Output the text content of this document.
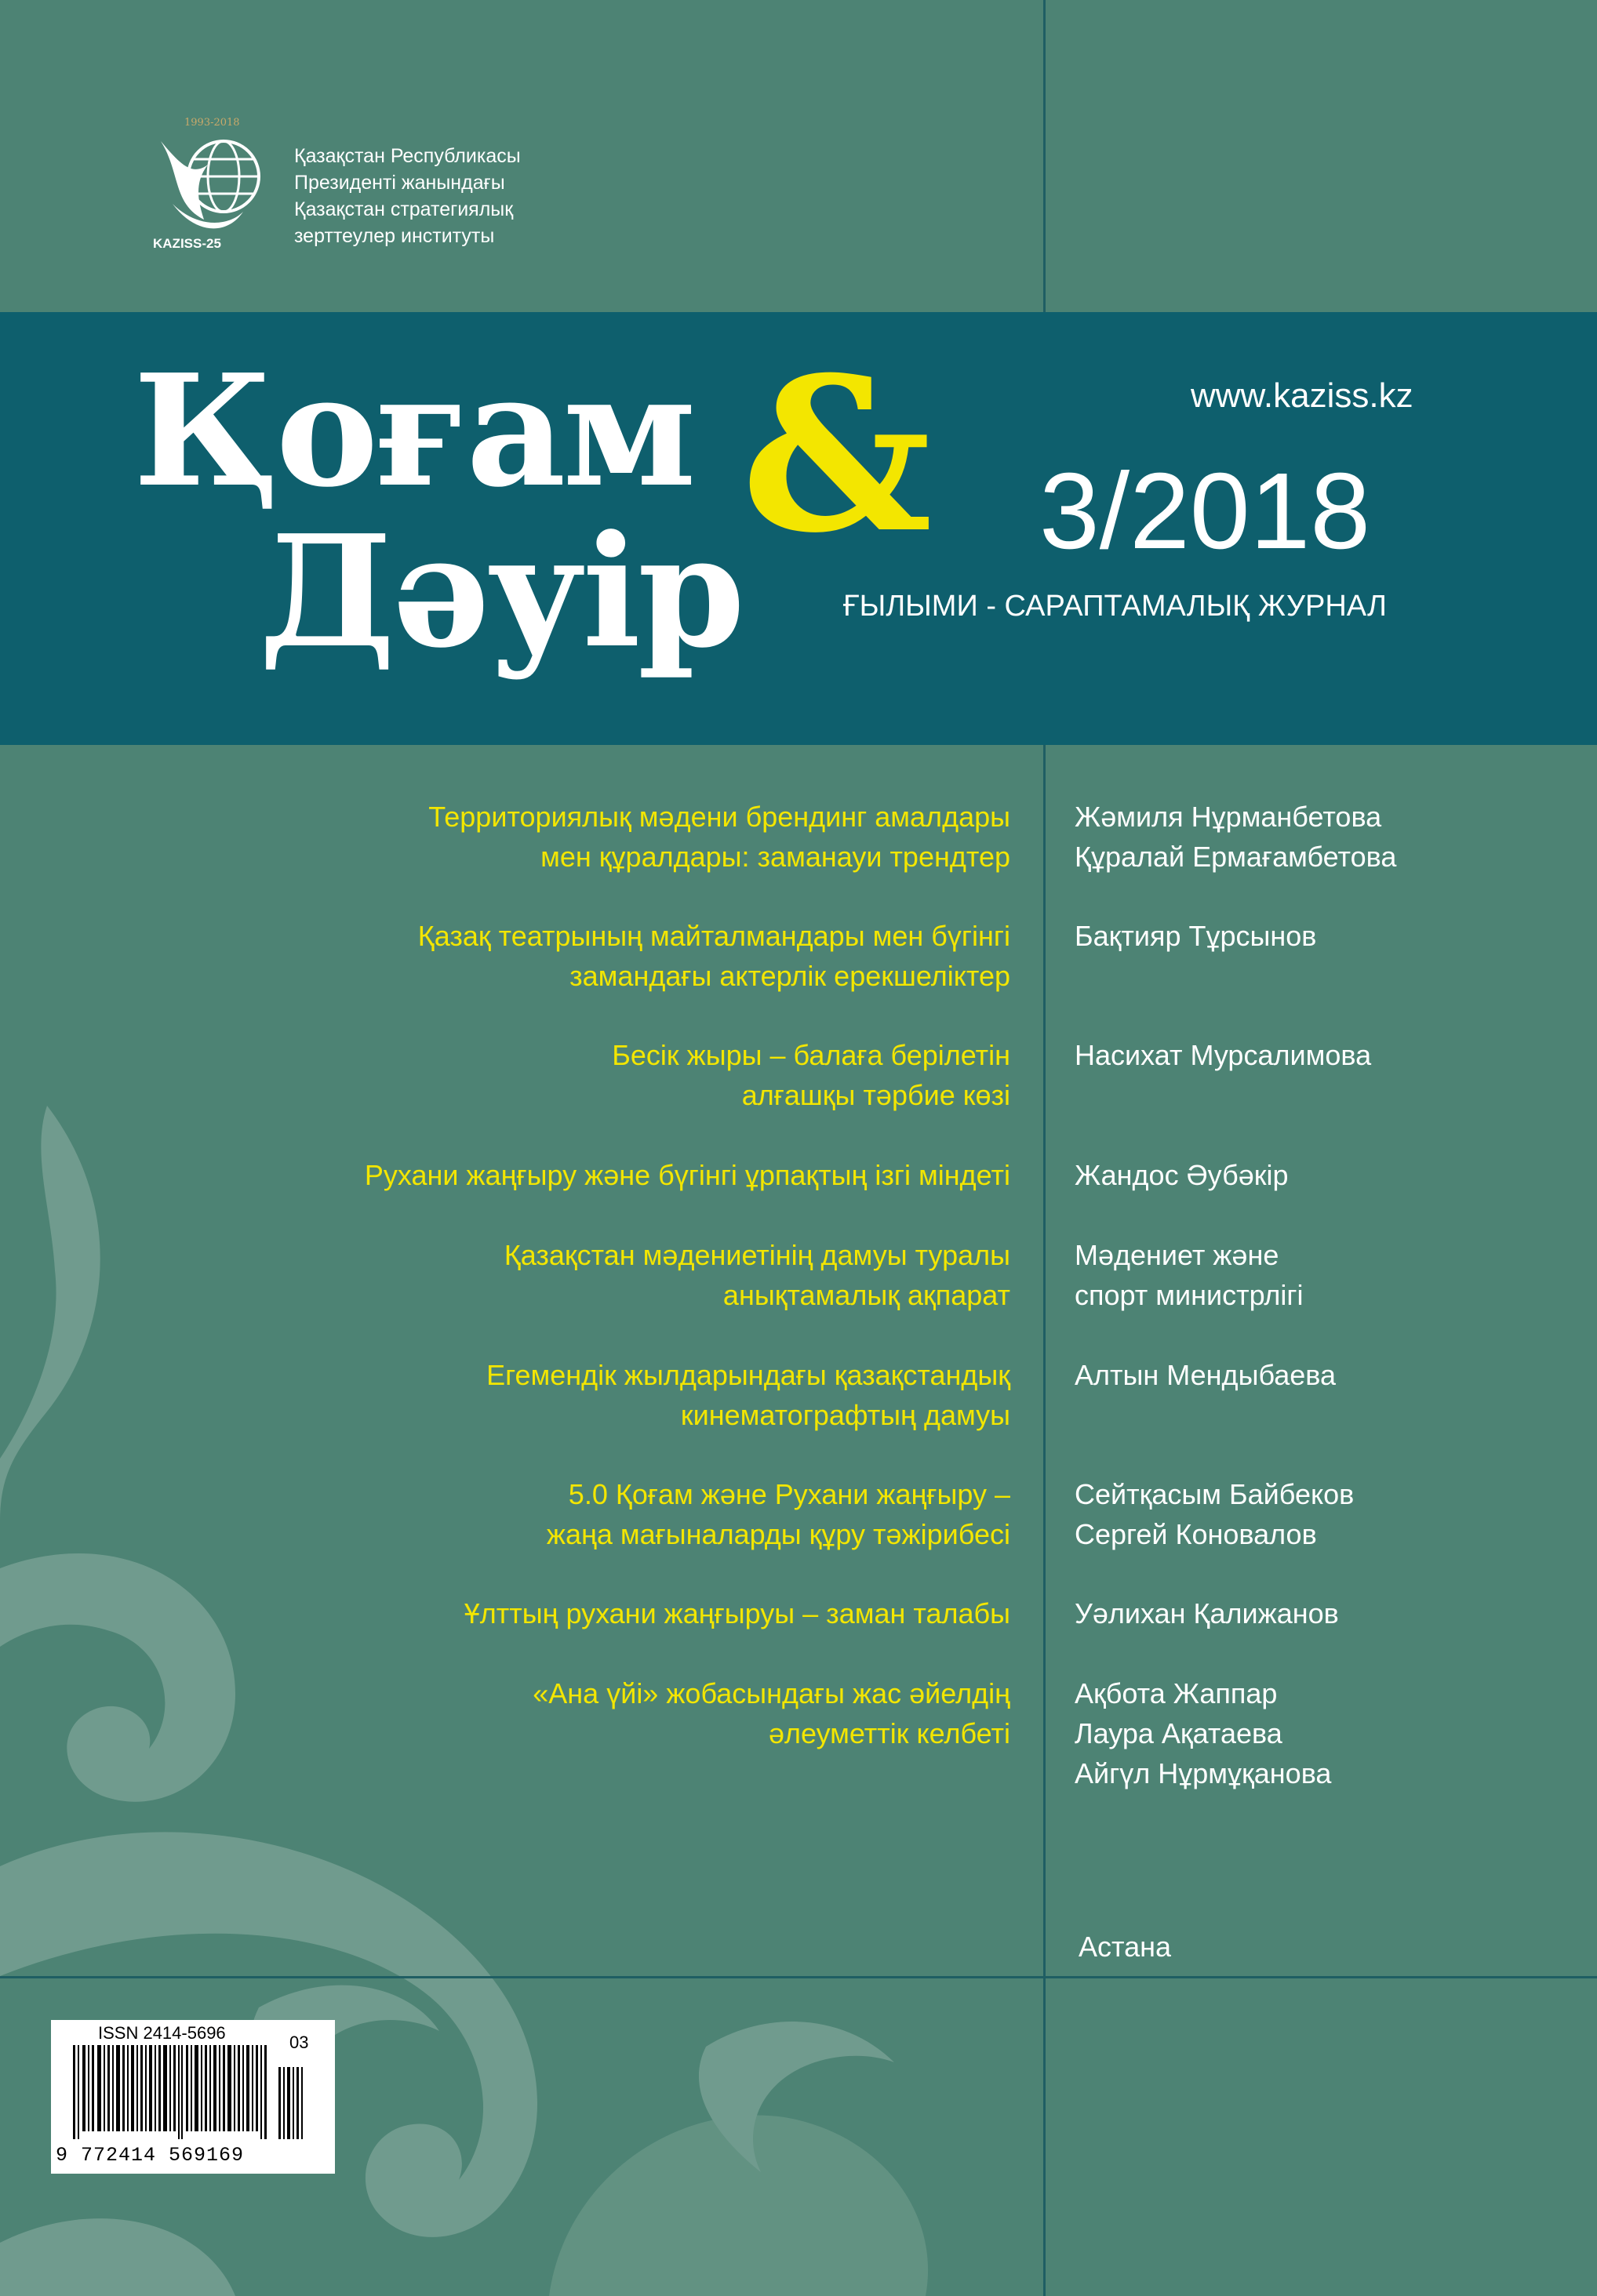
1993-2018
KAZISS-25
Қазақстан Республикасы
Президенті жанындағы
Қазақстан стратегиялық
зерттеулер институты
Қоғам
Дәуір
&	www.kaziss.kz
3/2018
ҒЫЛЫМИ - САРАПТАМАЛЫҚ ЖУРНАЛ
Территориялық мәдени брендинг амалдары
мен құралдары: заманауи трендтер
Жәмиля Нұрманбетова
Құралай Ермағамбетова
Қазақ театрының майталмандары мен бүгінгі
замандағы актерлік ерекшеліктер
Бақтияр Тұрсынов
Бесік жыры – балаға берілетін
алғашқы тәрбие көзі
Насихат Мурсалимова
Рухани жаңғыру және бүгінгі ұрпақтың ізгі міндеті Жандос Әубәкір
Қазақстан мәдениетінің дамуы туралы
анықтамалық ақпарат
Мәдениет және
спорт министрлігі
Егемендік жылдарындағы қазақстандық
кинематографтың дамуы
Алтын Мендыбаева
5.0 Қоғам және Рухани жаңғыру –
жаңа мағыналарды құру тәжірибесі
Сейтқасым Байбеков
Сергей Коновалов
Ұлттың рухани жаңғыруы – заман талабы Уәлихан Қалижанов
«Ана үйі» жобасындағы жас әйелдің
әлеуметтік келбеті
Ақбота Жаппар
Лаура Ақатаева
Айгүл Нұрмұқанова
Астана
ISSN 2414-5696	03
9 772414 569169
